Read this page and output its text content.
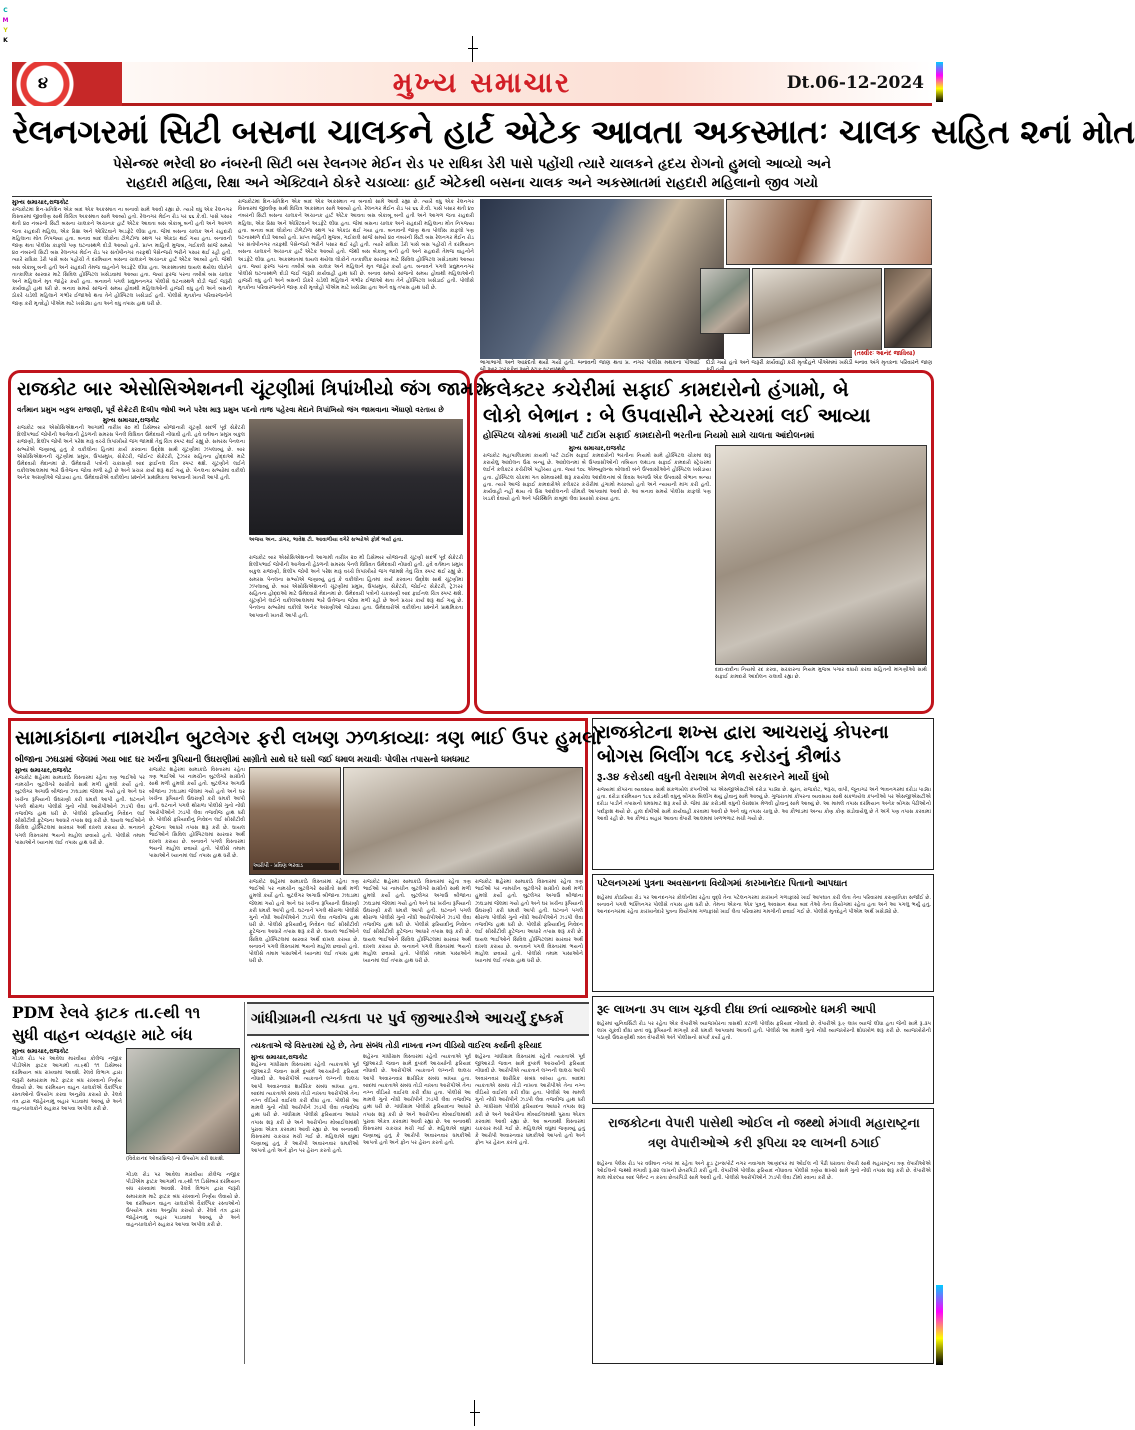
C
M
Y
K
૪	મુખ્ય સમાચાર	Dt.06-12-2024
રેલનગરમાં સિટી બસના ચાલકને હાર્ટ એટેક આવતા અકસ્માતઃ ચાલક સહિત ૨નાં મોત
પેસેન્જર ભરેલી ૪૦ નંબરની સિટી બસ રેલનગર મેઈન રોડ પર રાધિકા ડેરી પાસે પહોંચી ત્યારે ચાલકને હૃદય રોગનો હુમલો આવ્યો અને
રાહદારી મહિલા, રિક્ષા અને એક્ટિવાને ઠોકરે ચડાવ્યાઃ હાર્ટ એટેકથી બસના ચાલક અને અકસ્માતમાં રાહદારી મહિલાનો જીવ ગયો
મુખ્ય સમાચાર,રાજકોટ
રાજકોટમાં દિન-પ્રતિદિન એક બાદ એક અકસ્માત ના બનાવો સામે આવી રહ્યા છે. ત્યારે વધુ એક રેલનગર વિસ્તારમાં જીવલેણ સાથે વિચિત્ર અકસ્માત સામે આવ્યો હતો. રેલનગર મેઈન રોડ પર ૬૬ કે.વી. પાસે પસાર થતી ૪૦ નંબરની સિટી બસના ચાલકને અચાનક હાર્ટ એટેક આવતા બસ બેકાબૂ બની હતી અને આગળ જતા રાહદારી મહિલા, એક રિક્ષા અને એક્ટિવાને અડફેટે લીધા હતા. જેમાં બસના ચાલક અને રાહદારી મહિલાના મોત નિપજ્યા હતા. બનાવ બાદ લોકોના ટોળેટોળા સ્થળ પર એકઠા થઈ ગયા હતા. બનાવની જાણ થતા પોલીસ કાફલો પણ ઘટનાસ્થળે દોડી આવ્યો હતો. પ્રાપ્ત માહિતી મુજબ, ગઈકાલે સાંજે સમયે ૪૦ નંબરની સિટી બસ રેલનગર મેઈન રોડ પર સંતોષીનગર તરફથી પેસેન્જરો ભરીને પસાર થઈ રહી હતી. ત્યારે રાધિકા ડેરી પાસે બસ પહોંચી તે દરમિયાન બસના ચાલકને અચાનક હાર્ટ એટેક આવ્યો હતો. જેથી બસ બેકાબૂ બની હતી અને રાહદારી તેમજ વાહનોને અડફેટે લીધા હતા. અકસ્માતમાં ઘાયલ થયેલા લોકોને તાત્કાલિક સારવાર માટે સિવિલ હોસ્પિટલ ખસેડવામાં આવ્યા હતા. જ્યાં ફરજ પરના તબીબે બસ ચાલક અને મહિલાને મૃત જાહેર કર્યા હતા. બનાવને પગલે પ્રદ્યુમનનગર પોલીસે ઘટનાસ્થળે દોડી જઈ જરૂરી કાર્યવાહી હાથ ધરી છે. બનાવ સમયે સાંજનો સમય હોવાથી મહિલાઓની હાજરી વધુ હતી અને બસની ઠોકરે ચડેલી મહિલાને ગંભીર ઈજાઓ થતા તેને હોસ્પિટલ ખસેડાઈ હતી. પોલીસે મૃતકોના પરિવારજનોને જાણ કરી મૃતદેહો પીએમ માટે ખસેડ્યા હતા અને વધુ તપાસ હાથ ધરી છે.
રાજકોટમાં દિન-પ્રતિદિન એક બાદ એક અકસ્માત ના બનાવો સામે આવી રહ્યા છે. ત્યારે વધુ એક રેલનગર વિસ્તારમાં જીવલેણ સાથે વિચિત્ર અકસ્માત સામે આવ્યો હતો. રેલનગર મેઈન રોડ પર ૬૬ કે.વી. પાસે પસાર થતી ૪૦ નંબરની સિટી બસના ચાલકને અચાનક હાર્ટ એટેક આવતા બસ બેકાબૂ બની હતી અને આગળ જતા રાહદારી મહિલા, એક રિક્ષા અને એક્ટિવાને અડફેટે લીધા હતા. જેમાં બસના ચાલક અને રાહદારી મહિલાના મોત નિપજ્યા હતા. બનાવ બાદ લોકોના ટોળેટોળા સ્થળ પર એકઠા થઈ ગયા હતા. બનાવની જાણ થતા પોલીસ કાફલો પણ ઘટનાસ્થળે દોડી આવ્યો હતો. પ્રાપ્ત માહિતી મુજબ, ગઈકાલે સાંજે સમયે ૪૦ નંબરની સિટી બસ રેલનગર મેઈન રોડ પર સંતોષીનગર તરફથી પેસેન્જરો ભરીને પસાર થઈ રહી હતી. ત્યારે રાધિકા ડેરી પાસે બસ પહોંચી તે દરમિયાન બસના ચાલકને અચાનક હાર્ટ એટેક આવ્યો હતો. જેથી બસ બેકાબૂ બની હતી અને રાહદારી તેમજ વાહનોને અડફેટે લીધા હતા. અકસ્માતમાં ઘાયલ થયેલા લોકોને તાત્કાલિક સારવાર માટે સિવિલ હોસ્પિટલ ખસેડવામાં આવ્યા હતા. જ્યાં ફરજ પરના તબીબે બસ ચાલક અને મહિલાને મૃત જાહેર કર્યા હતા. બનાવને પગલે પ્રદ્યુમનનગર પોલીસે ઘટનાસ્થળે દોડી જઈ જરૂરી કાર્યવાહી હાથ ધરી છે. બનાવ સમયે સાંજનો સમય હોવાથી મહિલાઓની હાજરી વધુ હતી અને બસની ઠોકરે ચડેલી મહિલાને ગંભીર ઈજાઓ થતા તેને હોસ્પિટલ ખસેડાઈ હતી. પોલીસે મૃતકોના પરિવારજનોને જાણ કરી મૃતદેહો પીએમ માટે ખસેડ્યા હતા અને વધુ તપાસ હાથ ધરી છે.
(તસ્વીરઃ આનંદ જાવિયા)
ભાગાભાગી અને આક્રંદતી થયી ગયી હતી. બનાવની જાણ થતા પ્ર. નગર પોલીસ મથકના પીઆઈ બી.આર.ઝરકકેન અને સ્ટાફ ઘટનાસ્થળે
દોડી ગયો હતો અને જરૂરી કાર્યવાહી કરી મૃતદેહને પીએમમાં ખસેડી બનાવ અંગે મૃતકના પરિવારને જાણ કરી હતી.
રાજકોટ બાર એસોસિએશનની ચૂંટણીમાં ત્રિપાંખીયો જંગ જામશે
વર્તમાન પ્રમુખ બકુલ રાજાણી, પૂર્વ સેક્રેટરી દિલીપ જોષી અને પરેશ મારૂ પ્રમુખ પદનો તાજ પહેરવા મેદાને ત્રિપાંખિયો જંગ જામવાના એંધાણો વરતાય છે
મુખ્ય સમાચાર,રાજકોટ
રાજકોટ બાર એસોસિએશનની આગામી તારીખ ૨૦ મી ડિસેમ્બર યોજાનારી ચૂંટણી સંદર્ભે પૂર્વ સેક્રેટરી દિલીપભાઈ જોષીની આગેવાની હેઠળની સમરસ પેનલે વિધિવત ઉમેદવારી નોંધાવી હતી. હવે વર્તમાન પ્રમુખ બકુલ રાજાણી, દિલીપ જોષી અને પરેશ મારૂ વચ્ચે ત્રિપાંખીયો જંગ જામશે તેવું ચિત્ર સ્પષ્ટ થઈ રહ્યું છે. સમરસ પેનલના સભ્યોએ જણાવ્યું હતું કે વકીલોના હિતમાં કાર્ય કરવાના ઉદ્દેશ સાથે ચૂંટણીમાં ઝંપલાવ્યું છે. બાર એસોસિએશનની ચૂંટણીમાં પ્રમુખ, ઉપપ્રમુખ, સેક્રેટરી, જોઈન્ટ સેક્રેટરી, ટ્રેઝરર સહિતના હોદ્દાઓ માટે ઉમેદવારો મેદાનમાં છે. ઉમેદવારી પત્રોની ચકાસણી બાદ ફાઈનલ ચિત્ર સ્પષ્ટ થશે. ચૂંટણીને લઈને વકીલઆલમમાં ભારે ઉત્તેજના જોવા મળી રહી છે અને પ્રચાર કાર્ય શરૂ થઈ ગયું છે. પેનલના સભ્યોમાં વકીલો અનેક અગ્રણીઓ જોડાયા હતા. ઉમેદવારોએ વકીલોના પ્રશ્નોને પ્રાથમિકતા આપવાની ખાતરી આપી હતી.
અજય અન. ડાંગર, ભાવેશ ટી. આવાળીયા વગેરે સભ્યોએ ફોર્મ ભર્યા હતા.
રાજકોટ બાર એસોસિએશનની આગામી તારીખ ૨૦ મી ડિસેમ્બર યોજાનારી ચૂંટણી સંદર્ભે પૂર્વ સેક્રેટરી દિલીપભાઈ જોષીની આગેવાની હેઠળની સમરસ પેનલે વિધિવત ઉમેદવારી નોંધાવી હતી. હવે વર્તમાન પ્રમુખ બકુલ રાજાણી, દિલીપ જોષી અને પરેશ મારૂ વચ્ચે ત્રિપાંખીયો જંગ જામશે તેવું ચિત્ર સ્પષ્ટ થઈ રહ્યું છે. સમરસ પેનલના સભ્યોએ જણાવ્યું હતું કે વકીલોના હિતમાં કાર્ય કરવાના ઉદ્દેશ સાથે ચૂંટણીમાં ઝંપલાવ્યું છે. બાર એસોસિએશનની ચૂંટણીમાં પ્રમુખ, ઉપપ્રમુખ, સેક્રેટરી, જોઈન્ટ સેક્રેટરી, ટ્રેઝરર સહિતના હોદ્દાઓ માટે ઉમેદવારો મેદાનમાં છે. ઉમેદવારી પત્રોની ચકાસણી બાદ ફાઈનલ ચિત્ર સ્પષ્ટ થશે. ચૂંટણીને લઈને વકીલઆલમમાં ભારે ઉત્તેજના જોવા મળી રહી છે અને પ્રચાર કાર્ય શરૂ થઈ ગયું છે. પેનલના સભ્યોમાં વકીલો અનેક અગ્રણીઓ જોડાયા હતા. ઉમેદવારોએ વકીલોના પ્રશ્નોને પ્રાથમિકતા આપવાની ખાતરી આપી હતી.
કલેક્ટર કચેરીમાં સફાઈ કામદારોનો હંગામો, બે
લોકો બેભાન : બે ઉપવાસીને સ્ટેચરમાં લઈ આવ્યા
હોસ્પિટલ ચોકમાં કાયમી પાર્ટ ટાઈમ સફાઈ કામદારોની ભરતીના નિયમો સામે ચાલતા આંદોલનમાં
મુખ્ય સમાચાર,રાજકોટ
રાજકોટ મહાપાલિકામાં કાયમી પાર્ટ ટાઈમ સફાઈ કામદારોની ભરતીના નિયમો સામે હોસ્પિટલ ચોકમાં શરૂ કરાયેલું આંદોલન ઉગ્ર બન્યું છે. આંદોલનમાં બે ઉપવાસીઓની તબિયત લથડતા સફાઈ કામદારો સ્ટ્રેચરમાં લઈને કલેક્ટર કચેરીએ પહોંચ્યા હતા. જ્યાં ૧૦૮ એમ્બ્યુલન્સ બોલાવી બંને ઉપવાસીઓને હોસ્પિટલ ખસેડાયા હતા. હોસ્પિટલ ચોકમાં ગત સોમવારથી શરૂ કરાયેલા આંદોલનમાં બે દિવસ અગાઉ એક ઉપવાસી બેભાન બન્યા હતા. ત્યારે આજે સફાઈ કામદારોએ કલેક્ટર કચેરીમાં હંગામો મચાવ્યો હતો અને ન્યાયની માંગ કરી હતી. કાર્યવાહી નહીં થાય તો ઉગ્ર આંદોલનની ચીમકી આપવામાં આવી છે. આ બનાવ સમયે પોલીસ કાફલો પણ ખડકી દેવાયો હતો અને પરિસ્થિતિ કાબૂમાં લેવા પ્રયાસો કરાયા હતા.
દાદા-દાદીના નિયમો રદ કરવા, સરકારના નિયમ મુજબ પગાર વધારો કરવા સહિતની માંગણીઓ સાથે સફાઈ કામદારો આંદોલન ચલાવી રહ્યા છે.
સામાકાંઠાના નામચીન બુટલેગર ફરી લખણ ઝળકાવ્યાઃ ત્રણ ભાઈ ઉપર હુમલો
બીજાના ઝઘડામાં જેલમાં ગયા બાદ ઘર ખર્ચના રૂપિયાની ઉઘરાણીમાં સાગ્રીતો સાથે ઘરે ઘસી જઈ ધમાલ મચાવીઃ પોલીસ તપાસનો ધમધમાટ
મુખ્ય સમાચાર,રાજકોટ
રાજકોટ શહેરમાં સામાકાંઠે વિસ્તારમાં રહેતા ત્રણ ભાઈઓ પર નામચીન બુટલેગરે સાગ્રીતો સાથે મળી હુમલો કર્યો હતો. બુટલેગર અગાઉ બીજાના ઝઘડામાં જેલમાં ગયો હતો અને ઘર ખર્ચના રૂપિયાની ઉઘરાણી કરી ધમકી આપી હતી. ઘટનાને પગલે થોરાળા પોલીસે ગુનો નોંધી આરોપીઓને ઝડપી લેવા તજવીજ હાથ ધરી છે. પોલીસે ફરિયાદીનું નિવેદન લઈ સીસીટીવી ફૂટેજના આધારે તપાસ શરૂ કરી છે. ઘાયલ ભાઈઓને સિવિલ હોસ્પિટલમાં સારવાર અર્થે દાખલ કરાયા છે. બનાવને પગલે વિસ્તારમાં ભયનો માહોલ છવાયો હતો. પોલીસે તમામ પાસાઓને ધ્યાનમાં લઈ તપાસ હાથ ધરી છે.
રાજકોટ શહેરમાં સામાકાંઠે વિસ્તારમાં રહેતા ત્રણ ભાઈઓ પર નામચીન બુટલેગરે સાગ્રીતો સાથે મળી હુમલો કર્યો હતો. બુટલેગર અગાઉ બીજાના ઝઘડામાં જેલમાં ગયો હતો અને ઘર ખર્ચના રૂપિયાની ઉઘરાણી કરી ધમકી આપી હતી. ઘટનાને પગલે થોરાળા પોલીસે ગુનો નોંધી આરોપીઓને ઝડપી લેવા તજવીજ હાથ ધરી છે. પોલીસે ફરિયાદીનું નિવેદન લઈ સીસીટીવી ફૂટેજના આધારે તપાસ શરૂ કરી છે. ઘાયલ ભાઈઓને સિવિલ હોસ્પિટલમાં સારવાર અર્થે દાખલ કરાયા છે. બનાવને પગલે વિસ્તારમાં ભયનો માહોલ છવાયો હતો. પોલીસે તમામ પાસાઓને ધ્યાનમાં લઈ તપાસ હાથ ધરી છે.
આરોપી - પ્રવિણ ભરવાડ
રાજકોટ શહેરમાં સામાકાંઠે વિસ્તારમાં રહેતા ત્રણ ભાઈઓ પર નામચીન બુટલેગરે સાગ્રીતો સાથે મળી હુમલો કર્યો હતો. બુટલેગર અગાઉ બીજાના ઝઘડામાં જેલમાં ગયો હતો અને ઘર ખર્ચના રૂપિયાની ઉઘરાણી કરી ધમકી આપી હતી. ઘટનાને પગલે થોરાળા પોલીસે ગુનો નોંધી આરોપીઓને ઝડપી લેવા તજવીજ હાથ ધરી છે. પોલીસે ફરિયાદીનું નિવેદન લઈ સીસીટીવી ફૂટેજના આધારે તપાસ શરૂ કરી છે. ઘાયલ ભાઈઓને સિવિલ હોસ્પિટલમાં સારવાર અર્થે દાખલ કરાયા છે. બનાવને પગલે વિસ્તારમાં ભયનો માહોલ છવાયો હતો. પોલીસે તમામ પાસાઓને ધ્યાનમાં લઈ તપાસ હાથ ધરી છે.
રાજકોટ શહેરમાં સામાકાંઠે વિસ્તારમાં રહેતા ત્રણ ભાઈઓ પર નામચીન બુટલેગરે સાગ્રીતો સાથે મળી હુમલો કર્યો હતો. બુટલેગર અગાઉ બીજાના ઝઘડામાં જેલમાં ગયો હતો અને ઘર ખર્ચના રૂપિયાની ઉઘરાણી કરી ધમકી આપી હતી. ઘટનાને પગલે થોરાળા પોલીસે ગુનો નોંધી આરોપીઓને ઝડપી લેવા તજવીજ હાથ ધરી છે. પોલીસે ફરિયાદીનું નિવેદન લઈ સીસીટીવી ફૂટેજના આધારે તપાસ શરૂ કરી છે. ઘાયલ ભાઈઓને સિવિલ હોસ્પિટલમાં સારવાર અર્થે દાખલ કરાયા છે. બનાવને પગલે વિસ્તારમાં ભયનો માહોલ છવાયો હતો. પોલીસે તમામ પાસાઓને ધ્યાનમાં લઈ તપાસ હાથ ધરી છે.
રાજકોટ શહેરમાં સામાકાંઠે વિસ્તારમાં રહેતા ત્રણ ભાઈઓ પર નામચીન બુટલેગરે સાગ્રીતો સાથે મળી હુમલો કર્યો હતો. બુટલેગર અગાઉ બીજાના ઝઘડામાં જેલમાં ગયો હતો અને ઘર ખર્ચના રૂપિયાની ઉઘરાણી કરી ધમકી આપી હતી. ઘટનાને પગલે થોરાળા પોલીસે ગુનો નોંધી આરોપીઓને ઝડપી લેવા તજવીજ હાથ ધરી છે. પોલીસે ફરિયાદીનું નિવેદન લઈ સીસીટીવી ફૂટેજના આધારે તપાસ શરૂ કરી છે. ઘાયલ ભાઈઓને સિવિલ હોસ્પિટલમાં સારવાર અર્થે દાખલ કરાયા છે. બનાવને પગલે વિસ્તારમાં ભયનો માહોલ છવાયો હતો. પોલીસે તમામ પાસાઓને ધ્યાનમાં લઈ તપાસ હાથ ધરી છે.
રાજકોટના શખ્સ દ્વારા આચરાયું કોપરના
બોગસ બિલીંગ ૧૮૬ કરોડનું કૌભાંડ
રૂ.૩૪ કરોડથી વધુની વેરાશાખ મેળવી સરકારને માર્યો ધુંબો
રાજ્યમાં કોપરના વ્યવસાય સાથે સંકળાયેલ કંપનીઓ પર એસજીએસટીએ દરોડા પાડ્યા છે. સુરત, રાજકોટ, ભરૂચ, વાપી, જૂનાગઢ અને ભાવનગરમાં દરોડા પાડ્યા હતા. દરોડા દરમિયાન ૧૮૬ કરોડથી વધુનું બોગસ બિલીંગ થયું હોવાનું સામે આવ્યું છે. ગુજરાતમાં કોપરના વ્યવસાય સાથે સંકળાયેલ કંપનીઓ પર એસજીએસટીએ દરોડા પાડીને તપાસનો ધમધમાટ શરૂ કર્યો છે. જેમાં ૩૪ કરોડથી વધુની વેરાશાખ મેળવી હોવાનું સામે આવ્યું છે. આ મામલે તપાસ દરમિયાન અનેક બોગસ પેઢીઓનો પર્દાફાશ થયો છે. હાલ દોષીઓ સામે કાર્યવાહી કરવામાં આવી છે અને વધુ તપાસ ચાલુ છે. આ કૌભાંડમાં અન્ય કોણ કોણ સંડોવાયેલું છે તે અંગે પણ તપાસ કરવામાં આવી રહી છે. આ કૌભાંડ બહાર આવતા વેપારી આલમમાં ખળભળાટ મચી ગયો છે.
પટેલનગરમાં પુત્રના અવસાનના વિયોગમાં કારખાનેદાર પિતાનો આપઘાત
શહેરમાં કોઠારિયા રોડ પર આનંદનગર કોલોનીમાં રહેતા વૃદ્ધે તેના પટેલનગરમાં કારખાને ગળાફાંસો ખાઈ આપઘાત કરી લેતા તેના પરિવારમાં કરુણાંતિકા સર્જાઈ છે. બનાવને પગલે ભક્તિનગર પોલીસે તપાસ હાથ ધરી છે. તેમના એકના એક પુત્રનું અવસાન થયા બાદ તેઓ તેના વિયોગમાં રહેતા હતા અને આ પગલું ભર્યું હતું. આનંદનગરમાં રહેતા કારખાનેદારે પુત્રના વિયોગમાં ગળાફાંસો ખાઈ લેતા પરિવારમાં ગમગીની છવાઈ ગઈ છે. પોલીસે મૃતદેહને પીએમ અર્થે ખસેડ્યો છે.
રૂ૯ લાખના ૩૫ લાખ ચૂકવી દીધા છતાં વ્યાજખોર ધમકી આપી
શહેરમાં યુનિવર્સિટી રોડ પર રહેતા એક વેપારીએ વ્યાજખોરના ત્રાસથી કંટાળી પોલીસ ફરિયાદ નોંધાવી છે. વેપારીએ રૂ.૯ લાખ વ્યાજે લીધા હતા જેની સામે રૂ.૩૫ લાખ ચૂકવી દીધા છતાં વધુ રૂપિયાની માંગણી કરી ધમકી આપવામાં આવતી હતી. પોલીસે આ મામલે ગુનો નોંધી વ્યાજખોરની શોધખોળ શરૂ કરી છે. વ્યાજખોરોની પઠાણી ઉઘરાણીથી ત્રસ્ત વેપારીએ અંતે પોલીસનો સંપર્ક કર્યો હતો.
રાજકોટના વેપારી પાસેથી ઓઈલ નો જથ્થો મંગાવી મહારાષ્ટ્રના ત્રણ વેપારીઓએ કરી રૂપિયા ૨૨ લાખની ઠગાઈ
શહેરના પેલેસ રોડ પર વર્ધમાન નગર માં રહેતા અને ફૂડ ટ્રાન્સપોર્ટ નગર નવાગામ આણંદપર માં ઓઈલ ની પેઢી ધરાવતા વેપારી સાથે મહારાષ્ટ્રના ત્રણ વેપારીઓએ ઓઈલનો જથ્થો મંગાવી રૂ.૨૨ લાખની છેતરપિંડી કરી હતી. વેપારીએ પોલીસ ફરિયાદ નોંધાવતા પોલીસે ત્રણેય શખ્સો સામે ગુનો નોંધી તપાસ શરૂ કરી છે. વેપારીએ માલ મોકલ્યા બાદ પેમેન્ટ ન કરતા છેતરપિંડી સામે આવી હતી. પોલીસે આરોપીઓને ઝડપી લેવા ટીમો રવાના કરી છે.
PDM રેલવે ફાટક તા.૯થી ૧૧
સુધી વાહન વ્યવહાર માટે બંધ
મુખ્ય સમાચાર,રાજકોટ
ગોંડલ રોડ પર આવેલા મારવીયા કોલેજ નજીક પીડીએમ ફાટક આગામી તા.૯થી ૧૧ ડિસેમ્બર દરમિયાન બંધ રાખવામાં આવશે. રેલવે વિભાગ દ્વારા જરૂરી સમારકામ માટે ફાટક બંધ રાખવાનો નિર્ણય લેવાયો છે. આ દરમિયાન વાહન ચાલકોએ વૈકલ્પિક રસ્તાઓનો ઉપયોગ કરવા અનુરોધ કરાયો છે. રેલવે તંત્ર દ્વારા જાહેરનામું બહાર પાડવામાં આવ્યું છે અને વાહનચાલકોને સહકાર આપવા અપીલ કરી છે.
(વિવેકાનંદ ઓવરબ્રિજ) નો ઉપયોગ કરી શકાશે.
ગોંડલ રોડ પર આવેલા મારવીયા કોલેજ નજીક પીડીએમ ફાટક આગામી તા.૯થી ૧૧ ડિસેમ્બર દરમિયાન બંધ રાખવામાં આવશે. રેલવે વિભાગ દ્વારા જરૂરી સમારકામ માટે ફાટક બંધ રાખવાનો નિર્ણય લેવાયો છે. આ દરમિયાન વાહન ચાલકોએ વૈકલ્પિક રસ્તાઓનો ઉપયોગ કરવા અનુરોધ કરાયો છે. રેલવે તંત્ર દ્વારા જાહેરનામું બહાર પાડવામાં આવ્યું છે અને વાહનચાલકોને સહકાર આપવા અપીલ કરી છે.
ગાંધીગ્રામની ત્યકતા પર પુર્વ જીઆરડીએ આચર્યું દુષ્કર્મ
ત્યકતાએ જે વિસ્તારમાં રહે છે, તેના સંબંધ તોડી નાખતા નગ્ન વીડિયો વાઈરલ કર્યાની ફરિયાદ
મુખ્ય સમાચાર,રાજકોટ
શહેરના ગાંધીગ્રામ વિસ્તારમાં રહેતી ત્યકતાએ પૂર્વ જીઆરડી જવાન સામે દુષ્કર્મ આચર્યાની ફરિયાદ નોંધાવી છે. આરોપીએ ત્યકતાને લગ્નની લાલચ આપી અવારનવાર શારીરિક સંબંધ બાંધ્યા હતા. બાદમાં ત્યકતાએ સંબંધ તોડી નાખતા આરોપીએ તેના નગ્ન વીડિયો વાઈરલ કરી દીધા હતા. પોલીસે આ મામલે ગુનો નોંધી આરોપીને ઝડપી લેવા તજવીજ હાથ ધરી છે. ગાંધીગ્રામ પોલીસે ફરિયાદના આધારે તપાસ શરૂ કરી છે અને આરોપીના મોબાઈલમાંથી પુરાવા એકત્ર કરવામાં આવી રહ્યા છે. આ બનાવથી વિસ્તારમાં ચકચાર મચી ગઈ છે. મહિલાએ વધુમાં જણાવ્યું હતું કે આરોપી અવારનવાર ધમકીઓ આપતો હતો અને ફોન પર હેરાન કરતો હતો.
શહેરના ગાંધીગ્રામ વિસ્તારમાં રહેતી ત્યકતાએ પૂર્વ જીઆરડી જવાન સામે દુષ્કર્મ આચર્યાની ફરિયાદ નોંધાવી છે. આરોપીએ ત્યકતાને લગ્નની લાલચ આપી અવારનવાર શારીરિક સંબંધ બાંધ્યા હતા. બાદમાં ત્યકતાએ સંબંધ તોડી નાખતા આરોપીએ તેના નગ્ન વીડિયો વાઈરલ કરી દીધા હતા. પોલીસે આ મામલે ગુનો નોંધી આરોપીને ઝડપી લેવા તજવીજ હાથ ધરી છે. ગાંધીગ્રામ પોલીસે ફરિયાદના આધારે તપાસ શરૂ કરી છે અને આરોપીના મોબાઈલમાંથી પુરાવા એકત્ર કરવામાં આવી રહ્યા છે. આ બનાવથી વિસ્તારમાં ચકચાર મચી ગઈ છે. મહિલાએ વધુમાં જણાવ્યું હતું કે આરોપી અવારનવાર ધમકીઓ આપતો હતો અને ફોન પર હેરાન કરતો હતો.
શહેરના ગાંધીગ્રામ વિસ્તારમાં રહેતી ત્યકતાએ પૂર્વ જીઆરડી જવાન સામે દુષ્કર્મ આચર્યાની ફરિયાદ નોંધાવી છે. આરોપીએ ત્યકતાને લગ્નની લાલચ આપી અવારનવાર શારીરિક સંબંધ બાંધ્યા હતા. બાદમાં ત્યકતાએ સંબંધ તોડી નાખતા આરોપીએ તેના નગ્ન વીડિયો વાઈરલ કરી દીધા હતા. પોલીસે આ મામલે ગુનો નોંધી આરોપીને ઝડપી લેવા તજવીજ હાથ ધરી છે. ગાંધીગ્રામ પોલીસે ફરિયાદના આધારે તપાસ શરૂ કરી છે અને આરોપીના મોબાઈલમાંથી પુરાવા એકત્ર કરવામાં આવી રહ્યા છે. આ બનાવથી વિસ્તારમાં ચકચાર મચી ગઈ છે. મહિલાએ વધુમાં જણાવ્યું હતું કે આરોપી અવારનવાર ધમકીઓ આપતો હતો અને ફોન પર હેરાન કરતો હતો.
